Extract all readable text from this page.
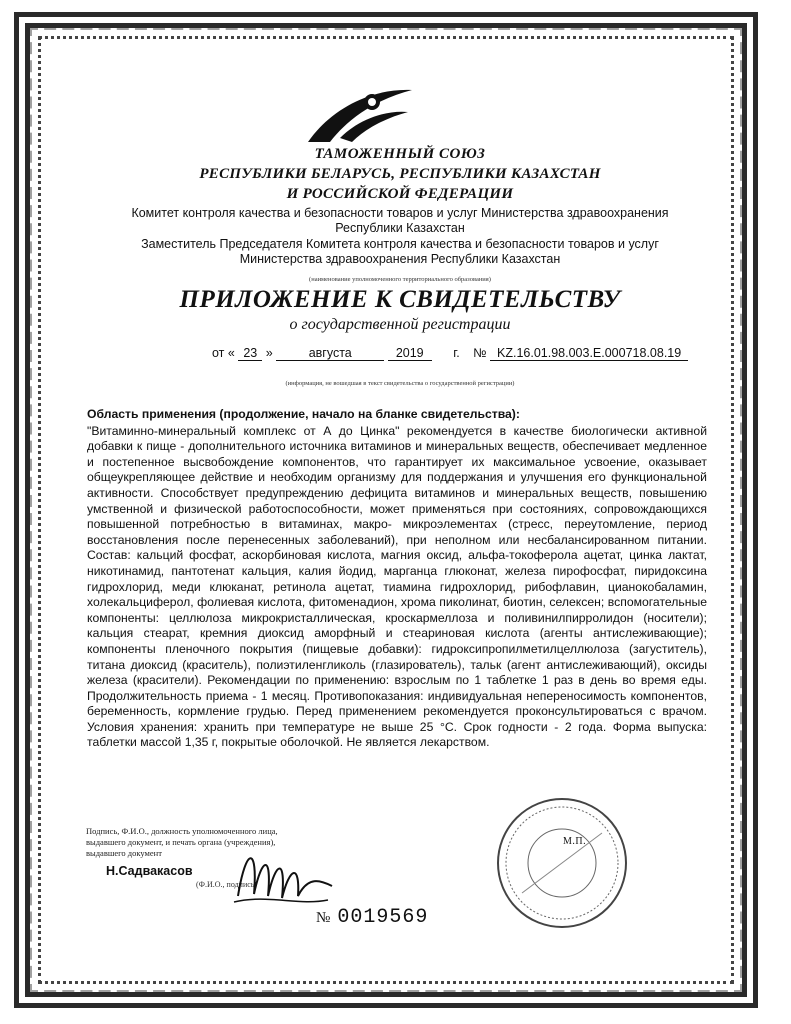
ТАМОЖЕННЫЙ СОЮЗ
РЕСПУБЛИКИ БЕЛАРУСЬ, РЕСПУБЛИКИ КАЗАХСТАН
И РОССИЙСКОЙ ФЕДЕРАЦИИ
Комитет контроля качества и безопасности товаров и услуг Министерства здравоохранения
Республики Казахстан
Заместитель Председателя Комитета контроля качества и безопасности товаров и услуг
Министерства здравоохранения Республики Казахстан
(наименование уполномоченного территориального образования)
ПРИЛОЖЕНИЕ К СВИДЕТЕЛЬСТВУ
о государственной регистрации
от « 23 »	августа	2019 г. № KZ.16.01.98.003.E.000718.08.19
(информация, не вошедшая в текст свидетельства о государственной регистрации)
Область применения (продолжение, начало на бланке свидетельства):
"Витаминно-минеральный комплекс от А до Цинка" рекомендуется в качестве биологически активной добавки к пище - дополнительного источника витаминов и минеральных веществ, обеспечивает медленное и постепенное высвобождение компонентов, что гарантирует их максимальное усвоение, оказывает общеукрепляющее действие и необходим организму для поддержания и улучшения его функциональной активности. Способствует предупреждению дефицита витаминов и минеральных веществ, повышению умственной и физической работоспособности, может применяться при состояниях, сопровождающихся повышенной потребностью в витаминах, макро- микроэлементах (стресс, переутомление, период восстановления после перенесенных заболеваний), при неполном или несбалансированном питании. Состав: кальций фосфат, аскорбиновая кислота, магния оксид, альфа-токоферола ацетат, цинка лактат, никотинамид, пантотенат кальция, калия йодид, марганца глюконат, железа пирофосфат, пиридоксина гидрохлорид, меди клюканат, ретинола ацетат, тиамина гидрохлорид, рибофлавин, цианокобаламин, холекальциферол, фолиевая кислота, фитоменадион, хрома пиколинат, биотин, селексен; вспомогательные компоненты: целлюлоза микрокристаллическая, кроскармеллоза и поливинилпирролидон (носители); кальция стеарат, кремния диоксид аморфный и стеариновая кислота (агенты антислеживающие); компоненты пленочного покрытия (пищевые добавки): гидроксипропилметилцеллюлоза (загуститель), титана диоксид (краситель), полиэтиленгликоль (глазирователь), тальк (агент антислеживающий), оксиды железа (красители). Рекомендации по применению: взрослым по 1 таблетке 1 раз в день во время еды. Продолжительность приема - 1 месяц. Противопоказания: индивидуальная непереносимость компонентов, беременность, кормление грудью. Перед применением рекомендуется проконсультироваться с врачом. Условия хранения: хранить при температуре не выше 25 °С. Срок годности - 2 года. Форма выпуска: таблетки массой 1,35 г, покрытые оболочкой. Не является лекарством.
Подпись, Ф.И.О., должность уполномоченного лица,
выдавшего документ, и печать органа (учреждения),
выдавшего документ
Н.Садвакасов
(Ф.И.О., подпись)
М.П.
№ 0019569
